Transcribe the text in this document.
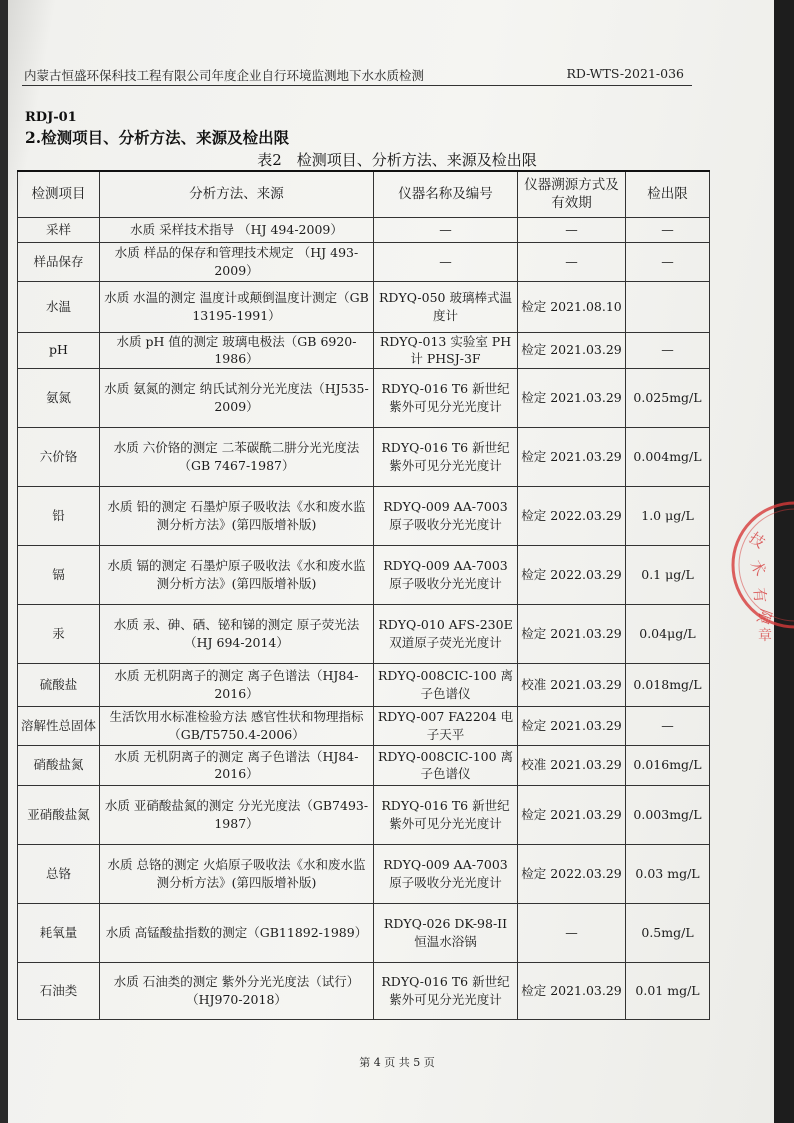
内蒙古恒盛环保科技工程有限公司年度企业自行环境监测地下水水质检测	RD-WTS-2021-036
RDJ-01
2.检测项目、分析方法、来源及检出限
表2　检测项目、分析方法、来源及检出限
检测项目	分析方法、来源	仪器名称及编号	仪器溯源方式及有效期	检出限
采样	水质 采样技术指导 （HJ 494-2009）	—	—	—
样品保存	水质 样品的保存和管理技术规定 （HJ 493-2009）	—	—	—
水温	水质 水温的测定 温度计或颠倒温度计测定（GB 13195-1991）	RDYQ-050 玻璃棒式温度计	检定 2021.08.10	
pH	水质 pH 值的测定 玻璃电极法（GB 6920-1986）	RDYQ-013 实验室 PH 计 PHSJ-3F	检定 2021.03.29	—
氨氮	水质 氨氮的测定 纳氏试剂分光光度法（HJ535-2009）	RDYQ-016 T6 新世纪紫外可见分光光度计	检定 2021.03.29	0.025mg/L
六价铬	水质 六价铬的测定 二苯碳酰二肼分光光度法（GB 7467-1987）	RDYQ-016 T6 新世纪紫外可见分光光度计	检定 2021.03.29	0.004mg/L
铅	水质 铅的测定 石墨炉原子吸收法《水和废水监测分析方法》(第四版增补版)	RDYQ-009 AA-7003 原子吸收分光光度计	检定 2022.03.29	1.0 μg/L
镉	水质 镉的测定 石墨炉原子吸收法《水和废水监测分析方法》(第四版增补版)	RDYQ-009 AA-7003 原子吸收分光光度计	检定 2022.03.29	0.1 μg/L
汞	水质 汞、砷、硒、铋和锑的测定 原子荧光法（HJ 694-2014）	RDYQ-010 AFS-230E 双道原子荧光光度计	检定 2021.03.29	0.04μg/L
硫酸盐	水质 无机阴离子的测定 离子色谱法（HJ84-2016）	RDYQ-008CIC-100 离子色谱仪	校准 2021.03.29	0.018mg/L
溶解性总固体	生活饮用水标准检验方法 感官性状和物理指标（GB/T5750.4-2006）	RDYQ-007 FA2204 电子天平	检定 2021.03.29	—
硝酸盐氮	水质 无机阴离子的测定 离子色谱法（HJ84-2016）	RDYQ-008CIC-100 离子色谱仪	校准 2021.03.29	0.016mg/L
亚硝酸盐氮	水质 亚硝酸盐氮的测定 分光光度法（GB7493-1987）	RDYQ-016 T6 新世纪紫外可见分光光度计	检定 2021.03.29	0.003mg/L
总铬	水质 总铬的测定 火焰原子吸收法《水和废水监测分析方法》(第四版增补版)	RDYQ-009 AA-7003 原子吸收分光光度计	检定 2022.03.29	0.03 mg/L
耗氧量	水质 高锰酸盐指数的测定（GB11892-1989）	RDYQ-026 DK-98-II 恒温水浴锅	—	0.5mg/L
石油类	水质 石油类的测定 紫外分光光度法（试行）（HJ970-2018）	RDYQ-016 T6 新世纪紫外可见分光光度计	检定 2021.03.29	0.01 mg/L
技
术
有
限
章
第 4 页 共 5 页
